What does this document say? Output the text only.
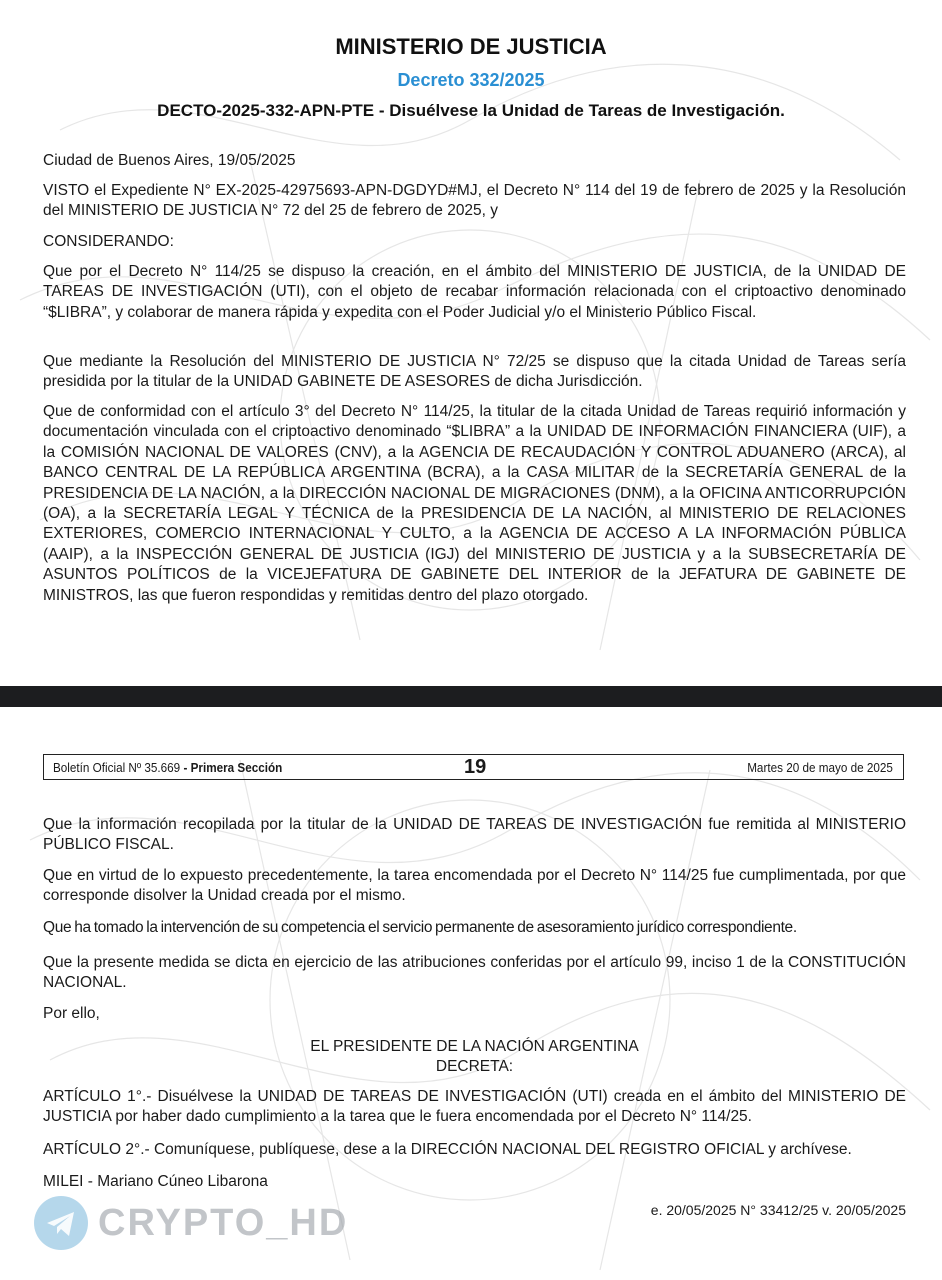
MINISTERIO DE JUSTICIA
Decreto 332/2025
DECTO-2025-332-APN-PTE - Disuélvese la Unidad de Tareas de Investigación.

Ciudad de Buenos Aires, 19/05/2025

VISTO el Expediente N° EX-2025-42975693-APN-DGDYD#MJ, el Decreto N° 114 del 19 de febrero de 2025 y la Resolución del MINISTERIO DE JUSTICIA N° 72 del 25 de febrero de 2025, y

CONSIDERANDO:

Que por el Decreto N° 114/25 se dispuso la creación, en el ámbito del MINISTERIO DE JUSTICIA, de la UNIDAD DE TAREAS DE INVESTIGACIÓN (UTI), con el objeto de recabar información relacionada con el criptoactivo denominado “$LIBRA”, y colaborar de manera rápida y expedita con el Poder Judicial y/o el Ministerio Público Fiscal.

Que mediante la Resolución del MINISTERIO DE JUSTICIA N° 72/25 se dispuso que la citada Unidad de Tareas sería presidida por la titular de la UNIDAD GABINETE DE ASESORES de dicha Jurisdicción.

Que de conformidad con el artículo 3° del Decreto N° 114/25, la titular de la citada Unidad de Tareas requirió información y documentación vinculada con el criptoactivo denominado “$LIBRA” a la UNIDAD DE INFORMACIÓN FINANCIERA (UIF), a la COMISIÓN NACIONAL DE VALORES (CNV), a la AGENCIA DE RECAUDACIÓN Y CONTROL ADUANERO (ARCA), al BANCO CENTRAL DE LA REPÚBLICA ARGENTINA (BCRA), a la CASA MILITAR de la SECRETARÍA GENERAL de la PRESIDENCIA DE LA NACIÓN, a la DIRECCIÓN NACIONAL DE MIGRACIONES (DNM), a la OFICINA ANTICORRUPCIÓN (OA), a la SECRETARÍA LEGAL Y TÉCNICA de la PRESIDENCIA DE LA NACIÓN, al MINISTERIO DE RELACIONES EXTERIORES, COMERCIO INTERNACIONAL Y CULTO, a la AGENCIA DE ACCESO A LA INFORMACIÓN PÚBLICA (AAIP), a la INSPECCIÓN GENERAL DE JUSTICIA (IGJ) del MINISTERIO DE JUSTICIA y a la SUBSECRETARÍA DE ASUNTOS POLÍTICOS de la VICEJEFATURA DE GABINETE DEL INTERIOR de la JEFATURA DE GABINETE DE MINISTROS, las que fueron respondidas y remitidas dentro del plazo otorgado.

Boletín Oficial Nº 35.669 - Primera Sección	19	Martes 20 de mayo de 2025

Que la información recopilada por la titular de la UNIDAD DE TAREAS DE INVESTIGACIÓN fue remitida al MINISTERIO PÚBLICO FISCAL.

Que en virtud de lo expuesto precedentemente, la tarea encomendada por el Decreto N° 114/25 fue cumplimentada, por que corresponde disolver la Unidad creada por el mismo.

Que ha tomado la intervención de su competencia el servicio permanente de asesoramiento jurídico correspondiente.

Que la presente medida se dicta en ejercicio de las atribuciones conferidas por el artículo 99, inciso 1 de la CONSTITUCIÓN NACIONAL.

Por ello,

EL PRESIDENTE DE LA NACIÓN ARGENTINA

DECRETA:

ARTÍCULO 1°.- Disuélvese la UNIDAD DE TAREAS DE INVESTIGACIÓN (UTI) creada en el ámbito del MINISTERIO DE JUSTICIA por haber dado cumplimiento a la tarea que le fuera encomendada por el Decreto N° 114/25.

ARTÍCULO 2°.- Comuníquese, publíquese, dese a la DIRECCIÓN NACIONAL DEL REGISTRO OFICIAL y archívese.

MILEI - Mariano Cúneo Libarona

e. 20/05/2025 N° 33412/25 v. 20/05/2025
CRYPTO_HD
